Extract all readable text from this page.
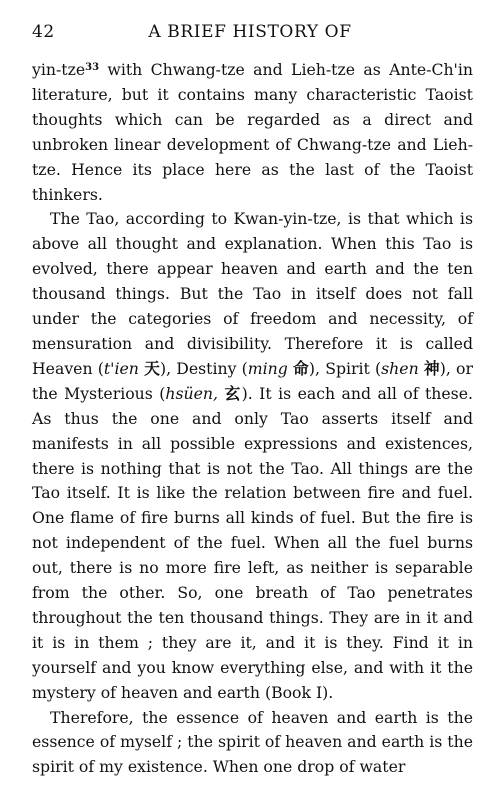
42	A BRIEF HISTORY OF

yin-tze$^{33}$ with Chwang-tze and Lieh-tze as Ante-Ch'in literature, but it contains many characteristic Taoist thoughts which can be regarded as a direct and unbroken linear development of Chwang-tze and Lieh-tze. Hence its place here as the last of the Taoist thinkers.

The Tao, according to Kwan-yin-tze, is that which is above all thought and explanation. When this Tao is evolved, there appear heaven and earth and the ten thousand things. But the Tao in itself does not fall under the categories of freedom and necessity, of mensuration and divisibility. Therefore it is called Heaven (t'ien 天), Destiny (ming 命), Spirit (shen 神), or the Mysterious (hsüen, 玄). It is each and all of these. As thus the one and only Tao asserts itself and manifests in all possible expressions and existences, there is nothing that is not the Tao. All things are the Tao itself. It is like the relation between fire and fuel. One flame of fire burns all kinds of fuel. But the fire is not independent of the fuel. When all the fuel burns out, there is no more fire left, as neither is separable from the other. So, one breath of Tao penetrates throughout the ten thousand things. They are in it and it is in them ; they are it, and it is they. Find it in yourself and you know everything else, and with it the mystery of heaven and earth (Book I).

Therefore, the essence of heaven and earth is the essence of myself ; the spirit of heaven and earth is the spirit of my existence. When one drop of water
